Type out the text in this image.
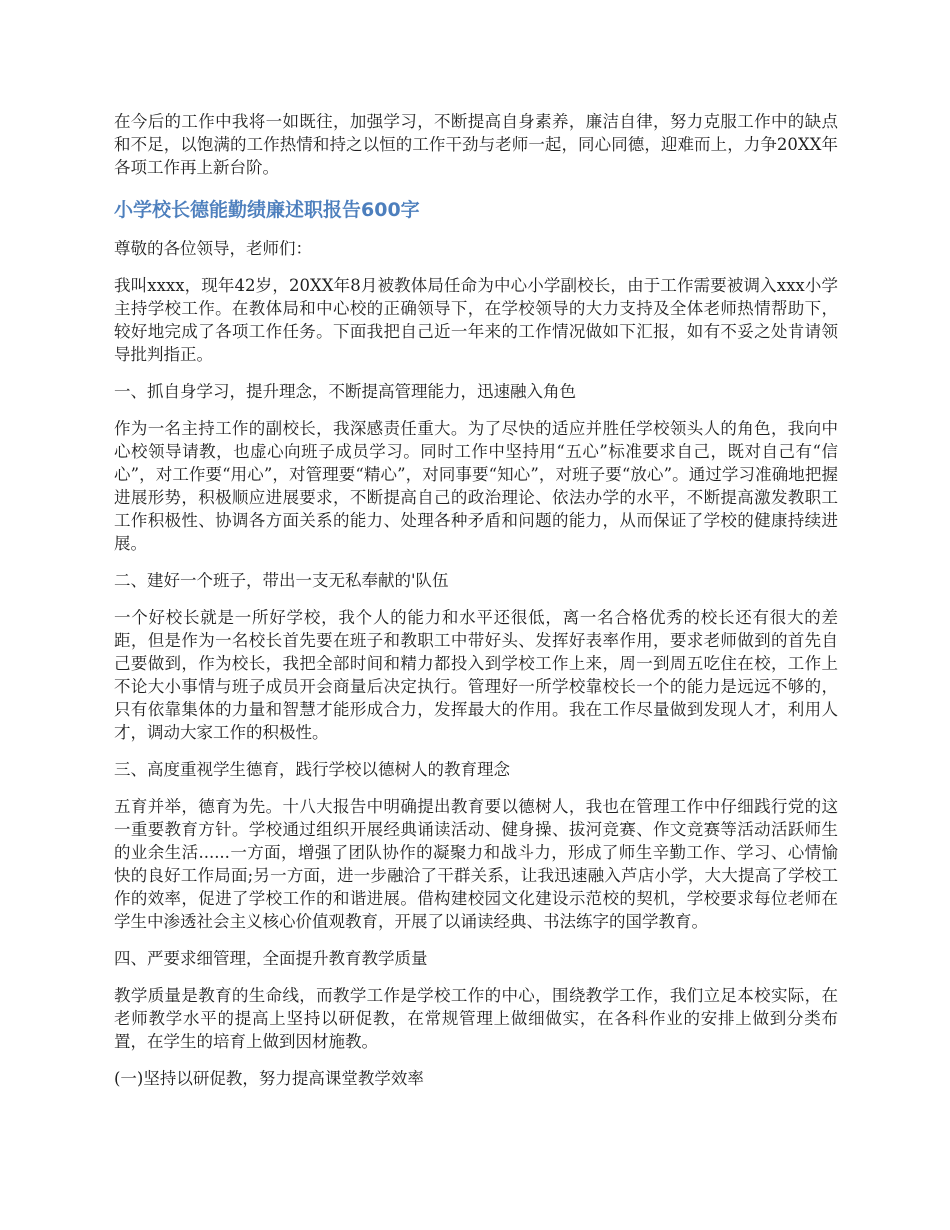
在今后的工作中我将一如既往，加强学习，不断提高自身素养，廉洁自律，努力克服工作中的缺点和不足，以饱满的工作热情和持之以恒的工作干劲与老师一起，同心同德，迎难而上，力争20XX年各项工作再上新台阶。

小学校长德能勤绩廉述职报告600字

尊敬的各位领导，老师们：

我叫xxxx，现年42岁，20XX年8月被教体局任命为中心小学副校长，由于工作需要被调入xxx小学主持学校工作。在教体局和中心校的正确领导下，在学校领导的大力支持及全体老师热情帮助下，较好地完成了各项工作任务。下面我把自己近一年来的工作情况做如下汇报，如有不妥之处肯请领导批判指正。

一、抓自身学习，提升理念，不断提高管理能力，迅速融入角色

作为一名主持工作的副校长，我深感责任重大。为了尽快的适应并胜任学校领头人的角色，我向中心校领导请教，也虚心向班子成员学习。同时工作中坚持用“五心”标准要求自己，既对自己有“信心”，对工作要“用心”，对管理要“精心”，对同事要“知心”，对班子要“放心”。通过学习准确地把握进展形势，积极顺应进展要求，不断提高自己的政治理论、依法办学的水平，不断提高激发教职工工作积极性、协调各方面关系的能力、处理各种矛盾和问题的能力，从而保证了学校的健康持续进展。

二、建好一个班子，带出一支无私奉献的'队伍

一个好校长就是一所好学校，我个人的能力和水平还很低，离一名合格优秀的校长还有很大的差距，但是作为一名校长首先要在班子和教职工中带好头、发挥好表率作用，要求老师做到的首先自己要做到，作为校长，我把全部时间和精力都投入到学校工作上来，周一到周五吃住在校，工作上不论大小事情与班子成员开会商量后决定执行。管理好一所学校靠校长一个的能力是远远不够的，只有依靠集体的力量和智慧才能形成合力，发挥最大的作用。我在工作尽量做到发现人才，利用人才，调动大家工作的积极性。

三、高度重视学生德育，践行学校以德树人的教育理念

五育并举，德育为先。十八大报告中明确提出教育要以德树人，我也在管理工作中仔细践行党的这一重要教育方针。学校通过组织开展经典诵读活动、健身操、拔河竞赛、作文竞赛等活动活跃师生的业余生活......一方面，增强了团队协作的凝聚力和战斗力，形成了师生辛勤工作、学习、心情愉快的良好工作局面;另一方面，进一步融洽了干群关系，让我迅速融入芦店小学，大大提高了学校工作的效率，促进了学校工作的和谐进展。借构建校园文化建设示范校的契机，学校要求每位老师在学生中渗透社会主义核心价值观教育，开展了以诵读经典、书法练字的国学教育。

四、严要求细管理，全面提升教育教学质量

教学质量是教育的生命线，而教学工作是学校工作的中心，围绕教学工作，我们立足本校实际，在老师教学水平的提高上坚持以研促教，在常规管理上做细做实，在各科作业的安排上做到分类布置，在学生的培育上做到因材施教。

(一)坚持以研促教，努力提高课堂教学效率
